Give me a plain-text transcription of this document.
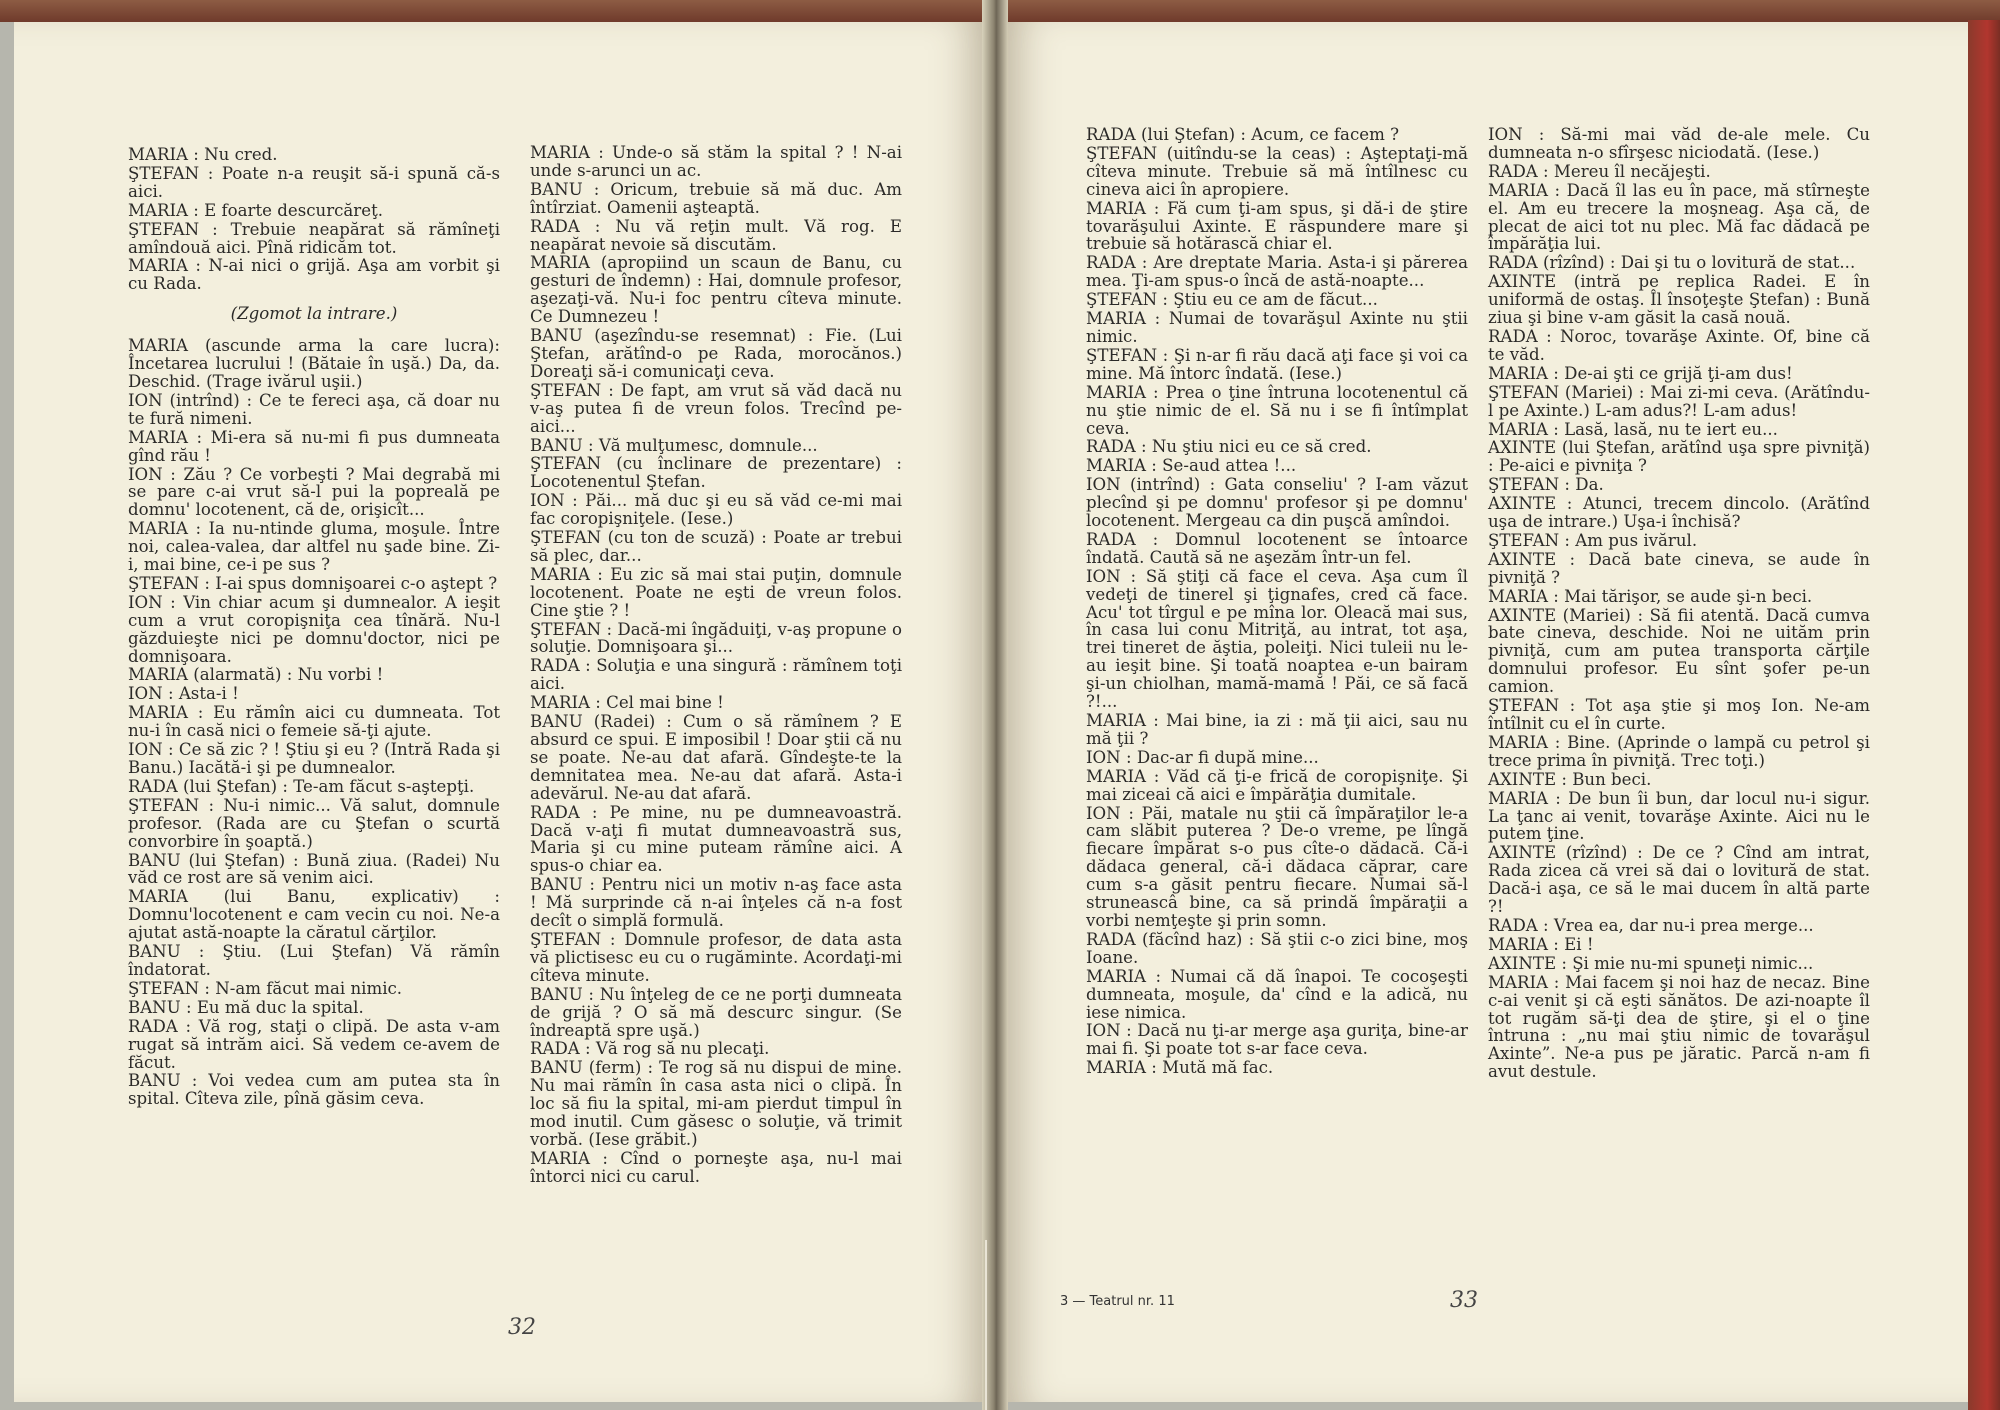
MARIA : Nu cred.

ŞTEFAN : Poate n-a reuşit să-i spună că-s aici.

MARIA : E foarte descurcăreţ.

ŞTEFAN : Trebuie neapărat să rămîneţi amîndouă aici. Pînă ridicăm tot.

MARIA : N-ai nici o grijă. Aşa am vorbit şi cu Rada.

(Zgomot la intrare.)

MARIA (ascunde arma la care lucra): Încetarea lucrului ! (Bătaie în uşă.) Da, da. Deschid. (Trage ivărul uşii.)

ION (intrînd) : Ce te fereci aşa, că doar nu te fură nimeni.

MARIA : Mi-era să nu-mi fi pus dumneata gînd rău !

ION : Zău ? Ce vorbeşti ? Mai degrabă mi se pare c-ai vrut să-l pui la popreală pe domnu' locotenent, că de, orişicît...

MARIA : Ia nu-ntinde gluma, moşule. Între noi, calea-valea, dar altfel nu şade bine. Zi-i, mai bine, ce-i pe sus ?

ŞTEFAN : I-ai spus domnişoarei c-o aştept ?

ION : Vin chiar acum şi dumnealor. A ieşit cum a vrut coropişniţa cea tînără. Nu-l găzduieşte nici pe domnu'doctor, nici pe domnişoara.

MARIA (alarmată) : Nu vorbi !

ION : Asta-i !

MARIA : Eu rămîn aici cu dumneata. Tot nu-i în casă nici o femeie să-ţi ajute.

ION : Ce să zic ? ! Ştiu şi eu ? (Intră Rada şi Banu.) Iacătă-i şi pe dumnealor.

RADA (lui Ştefan) : Te-am făcut s-aştepţi.

ŞTEFAN : Nu-i nimic... Vă salut, domnule profesor. (Rada are cu Ştefan o scurtă convorbire în şoaptă.)

BANU (lui Ştefan) : Bună ziua. (Radei) Nu văd ce rost are să venim aici.

MARIA (lui Banu, explicativ) : Domnu'locotenent e cam vecin cu noi. Ne-a ajutat astă-noapte la căratul cărţilor.

BANU : Ştiu. (Lui Ştefan) Vă rămîn îndatorat.

ŞTEFAN : N-am făcut mai nimic.

BANU : Eu mă duc la spital.

RADA : Vă rog, staţi o clipă. De asta v-am rugat să intrăm aici. Să vedem ce-avem de făcut.

BANU : Voi vedea cum am putea sta în spital. Cîteva zile, pînă găsim ceva.

MARIA : Unde-o să stăm la spital ? ! N-ai unde s-arunci un ac.

BANU : Oricum, trebuie să mă duc. Am întîrziat. Oamenii aşteaptă.

RADA : Nu vă reţin mult. Vă rog. E neapărat nevoie să discutăm.

MARIA (apropiind un scaun de Banu, cu gesturi de îndemn) : Hai, domnule profesor, aşezaţi-vă. Nu-i foc pentru cîteva minute. Ce Dumnezeu !

BANU (aşezîndu-se resemnat) : Fie. (Lui Ştefan, arătînd-o pe Rada, morocănos.) Doreaţi să-i comunicaţi ceva.

ŞTEFAN : De fapt, am vrut să văd dacă nu v-aş putea fi de vreun folos. Trecînd pe-aici...

BANU : Vă mulţumesc, domnule...

ŞTEFAN (cu înclinare de prezentare) : Locotenentul Ştefan.

ION : Păi... mă duc şi eu să văd ce-mi mai fac coropişniţele. (Iese.)

ŞTEFAN (cu ton de scuză) : Poate ar trebui să plec, dar...

MARIA : Eu zic să mai stai puţin, domnule locotenent. Poate ne eşti de vreun folos. Cine ştie ? !

ŞTEFAN : Dacă-mi îngăduiţi, v-aş propune o soluţie. Domnişoara şi...

RADA : Soluţia e una singură : rămînem toţi aici.

MARIA : Cel mai bine !

BANU (Radei) : Cum o să rămînem ? E absurd ce spui. E imposibil ! Doar ştii că nu se poate. Ne-au dat afară. Gîndeşte-te la demnitatea mea. Ne-au dat afară. Asta-i adevărul. Ne-au dat afară.

RADA : Pe mine, nu pe dumneavoastră. Dacă v-aţi fi mutat dumneavoastră sus, Maria şi cu mine puteam rămîne aici. A spus-o chiar ea.

BANU : Pentru nici un motiv n-aş face asta ! Mă surprinde că n-ai înţeles că n-a fost decît o simplă formulă.

ŞTEFAN : Domnule profesor, de data asta vă plictisesc eu cu o rugăminte. Acordaţi-mi cîteva minute.

BANU : Nu înţeleg de ce ne porţi dumneata de grijă ? O să mă descurc singur. (Se îndreaptă spre uşă.)

RADA : Vă rog să nu plecaţi.

BANU (ferm) : Te rog să nu dispui de mine. Nu mai rămîn în casa asta nici o clipă. În loc să fiu la spital, mi-am pierdut timpul în mod inutil. Cum găsesc o soluţie, vă trimit vorbă. (Iese grăbit.)

MARIA : Cînd o porneşte aşa, nu-l mai întorci nici cu carul.

32

RADA (lui Ştefan) : Acum, ce facem ?

ŞTEFAN (uitîndu-se la ceas) : Aşteptaţi-mă cîteva minute. Trebuie să mă întîlnesc cu cineva aici în apropiere.

MARIA : Fă cum ţi-am spus, şi dă-i de ştire tovarăşului Axinte. E răspundere mare şi trebuie să hotărască chiar el.

RADA : Are dreptate Maria. Asta-i şi părerea mea. Ţi-am spus-o încă de astă-noapte...

ŞTEFAN : Ştiu eu ce am de făcut...

MARIA : Numai de tovarăşul Axinte nu ştii nimic.

ŞTEFAN : Şi n-ar fi rău dacă aţi face şi voi ca mine. Mă întorc îndată. (Iese.)

MARIA : Prea o ţine întruna locotenentul că nu ştie nimic de el. Să nu i se fi întîmplat ceva.

RADA : Nu ştiu nici eu ce să cred.

MARIA : Se-aud attea !...

ION (intrînd) : Gata conseliu' ? I-am văzut plecînd şi pe domnu' profesor şi pe domnu' locotenent. Mergeau ca din puşcă amîndoi.

RADA : Domnul locotenent se întoarce îndată. Caută să ne aşezăm într-un fel.

ION : Să ştiţi că face el ceva. Aşa cum îl vedeţi de tinerel şi ţignafes, cred că face. Acu' tot tîrgul e pe mîna lor. Oleacă mai sus, în casa lui conu Mitriţă, au intrat, tot aşa, trei tineret de ăştia, poleiţi. Nici tuleii nu le-au ieşit bine. Şi toată noaptea e-un bairam şi-un chiolhan, mamă-mamă ! Păi, ce să facă ?!...

MARIA : Mai bine, ia zi : mă ţii aici, sau nu mă ţii ?

ION : Dac-ar fi după mine...

MARIA : Văd că ţi-e frică de coropişniţe. Şi mai ziceai că aici e împărăţia dumitale.

ION : Păi, matale nu ştii că împăraţilor le-a cam slăbit puterea ? De-o vreme, pe lîngă fiecare împărat s-o pus cîte-o dădacă. Că-i dădaca general, că-i dădaca căprar, care cum s-a găsit pentru fiecare. Numai să-l struneascâ bine, ca să prindă împăraţii a vorbi nemţeşte şi prin somn.

RADA (făcînd haz) : Să ştii c-o zici bine, moş Ioane.

MARIA : Numai că dă înapoi. Te cocoşeşti dumneata, moşule, da' cînd e la adică, nu iese nimica.

ION : Dacă nu ţi-ar merge aşa guriţa, bine-ar mai fi. Şi poate tot s-ar face ceva.

MARIA : Mută mă fac.

ION : Să-mi mai văd de-ale mele. Cu dumneata n-o sfîrşesc niciodată. (Iese.)

RADA : Mereu îl necăjeşti.

MARIA : Dacă îl las eu în pace, mă stîrneşte el. Am eu trecere la moşneag. Aşa că, de plecat de aici tot nu plec. Mă fac dădacă pe împărăţia lui.

RADA (rîzînd) : Dai şi tu o lovitură de stat...

AXINTE (intră pe replica Radei. E în uniformă de ostaş. Îl însoţeşte Ştefan) : Bună ziua şi bine v-am găsit la casă nouă.

RADA : Noroc, tovarăşe Axinte. Of, bine că te văd.

MARIA : De-ai şti ce grijă ţi-am dus!

ŞTEFAN (Mariei) : Mai zi-mi ceva. (Arătîndu-l pe Axinte.) L-am adus?! L-am adus!

MARIA : Lasă, lasă, nu te iert eu...

AXINTE (lui Ştefan, arătînd uşa spre pivniţă) : Pe-aici e pivniţa ?

ŞTEFAN : Da.

AXINTE : Atunci, trecem dincolo. (Arătînd uşa de intrare.) Uşa-i închisă?

ŞTEFAN : Am pus ivărul.

AXINTE : Dacă bate cineva, se aude în pivniţă ?

MARIA : Mai tărişor, se aude şi-n beci.

AXINTE (Mariei) : Să fii atentă. Dacă cumva bate cineva, deschide. Noi ne uităm prin pivniţă, cum am putea transporta cărţile domnului profesor. Eu sînt şofer pe-un camion.

ŞTEFAN : Tot aşa ştie şi moş Ion. Ne-am întîlnit cu el în curte.

MARIA : Bine. (Aprinde o lampă cu petrol şi trece prima în pivniţă. Trec toţi.)

AXINTE : Bun beci.

MARIA : De bun îi bun, dar locul nu-i sigur. La ţanc ai venit, tovarăşe Axinte. Aici nu le putem ţine.

AXINTE (rîzînd) : De ce ? Cînd am intrat, Rada zicea că vrei să dai o lovitură de stat. Dacă-i aşa, ce să le mai ducem în altă parte ?!

RADA : Vrea ea, dar nu-i prea merge...

MARIA : Ei !

AXINTE : Şi mie nu-mi spuneţi nimic...

MARIA : Mai facem şi noi haz de necaz. Bine c-ai venit şi că eşti sănătos. De azi-noapte îl tot rugăm să-ţi dea de ştire, şi el o ţine întruna : „nu mai ştiu nimic de tovarăşul Axinte”. Ne-a pus pe jăratic. Parcă n-am fi avut destule.

3 — Teatrul nr. 11	33
